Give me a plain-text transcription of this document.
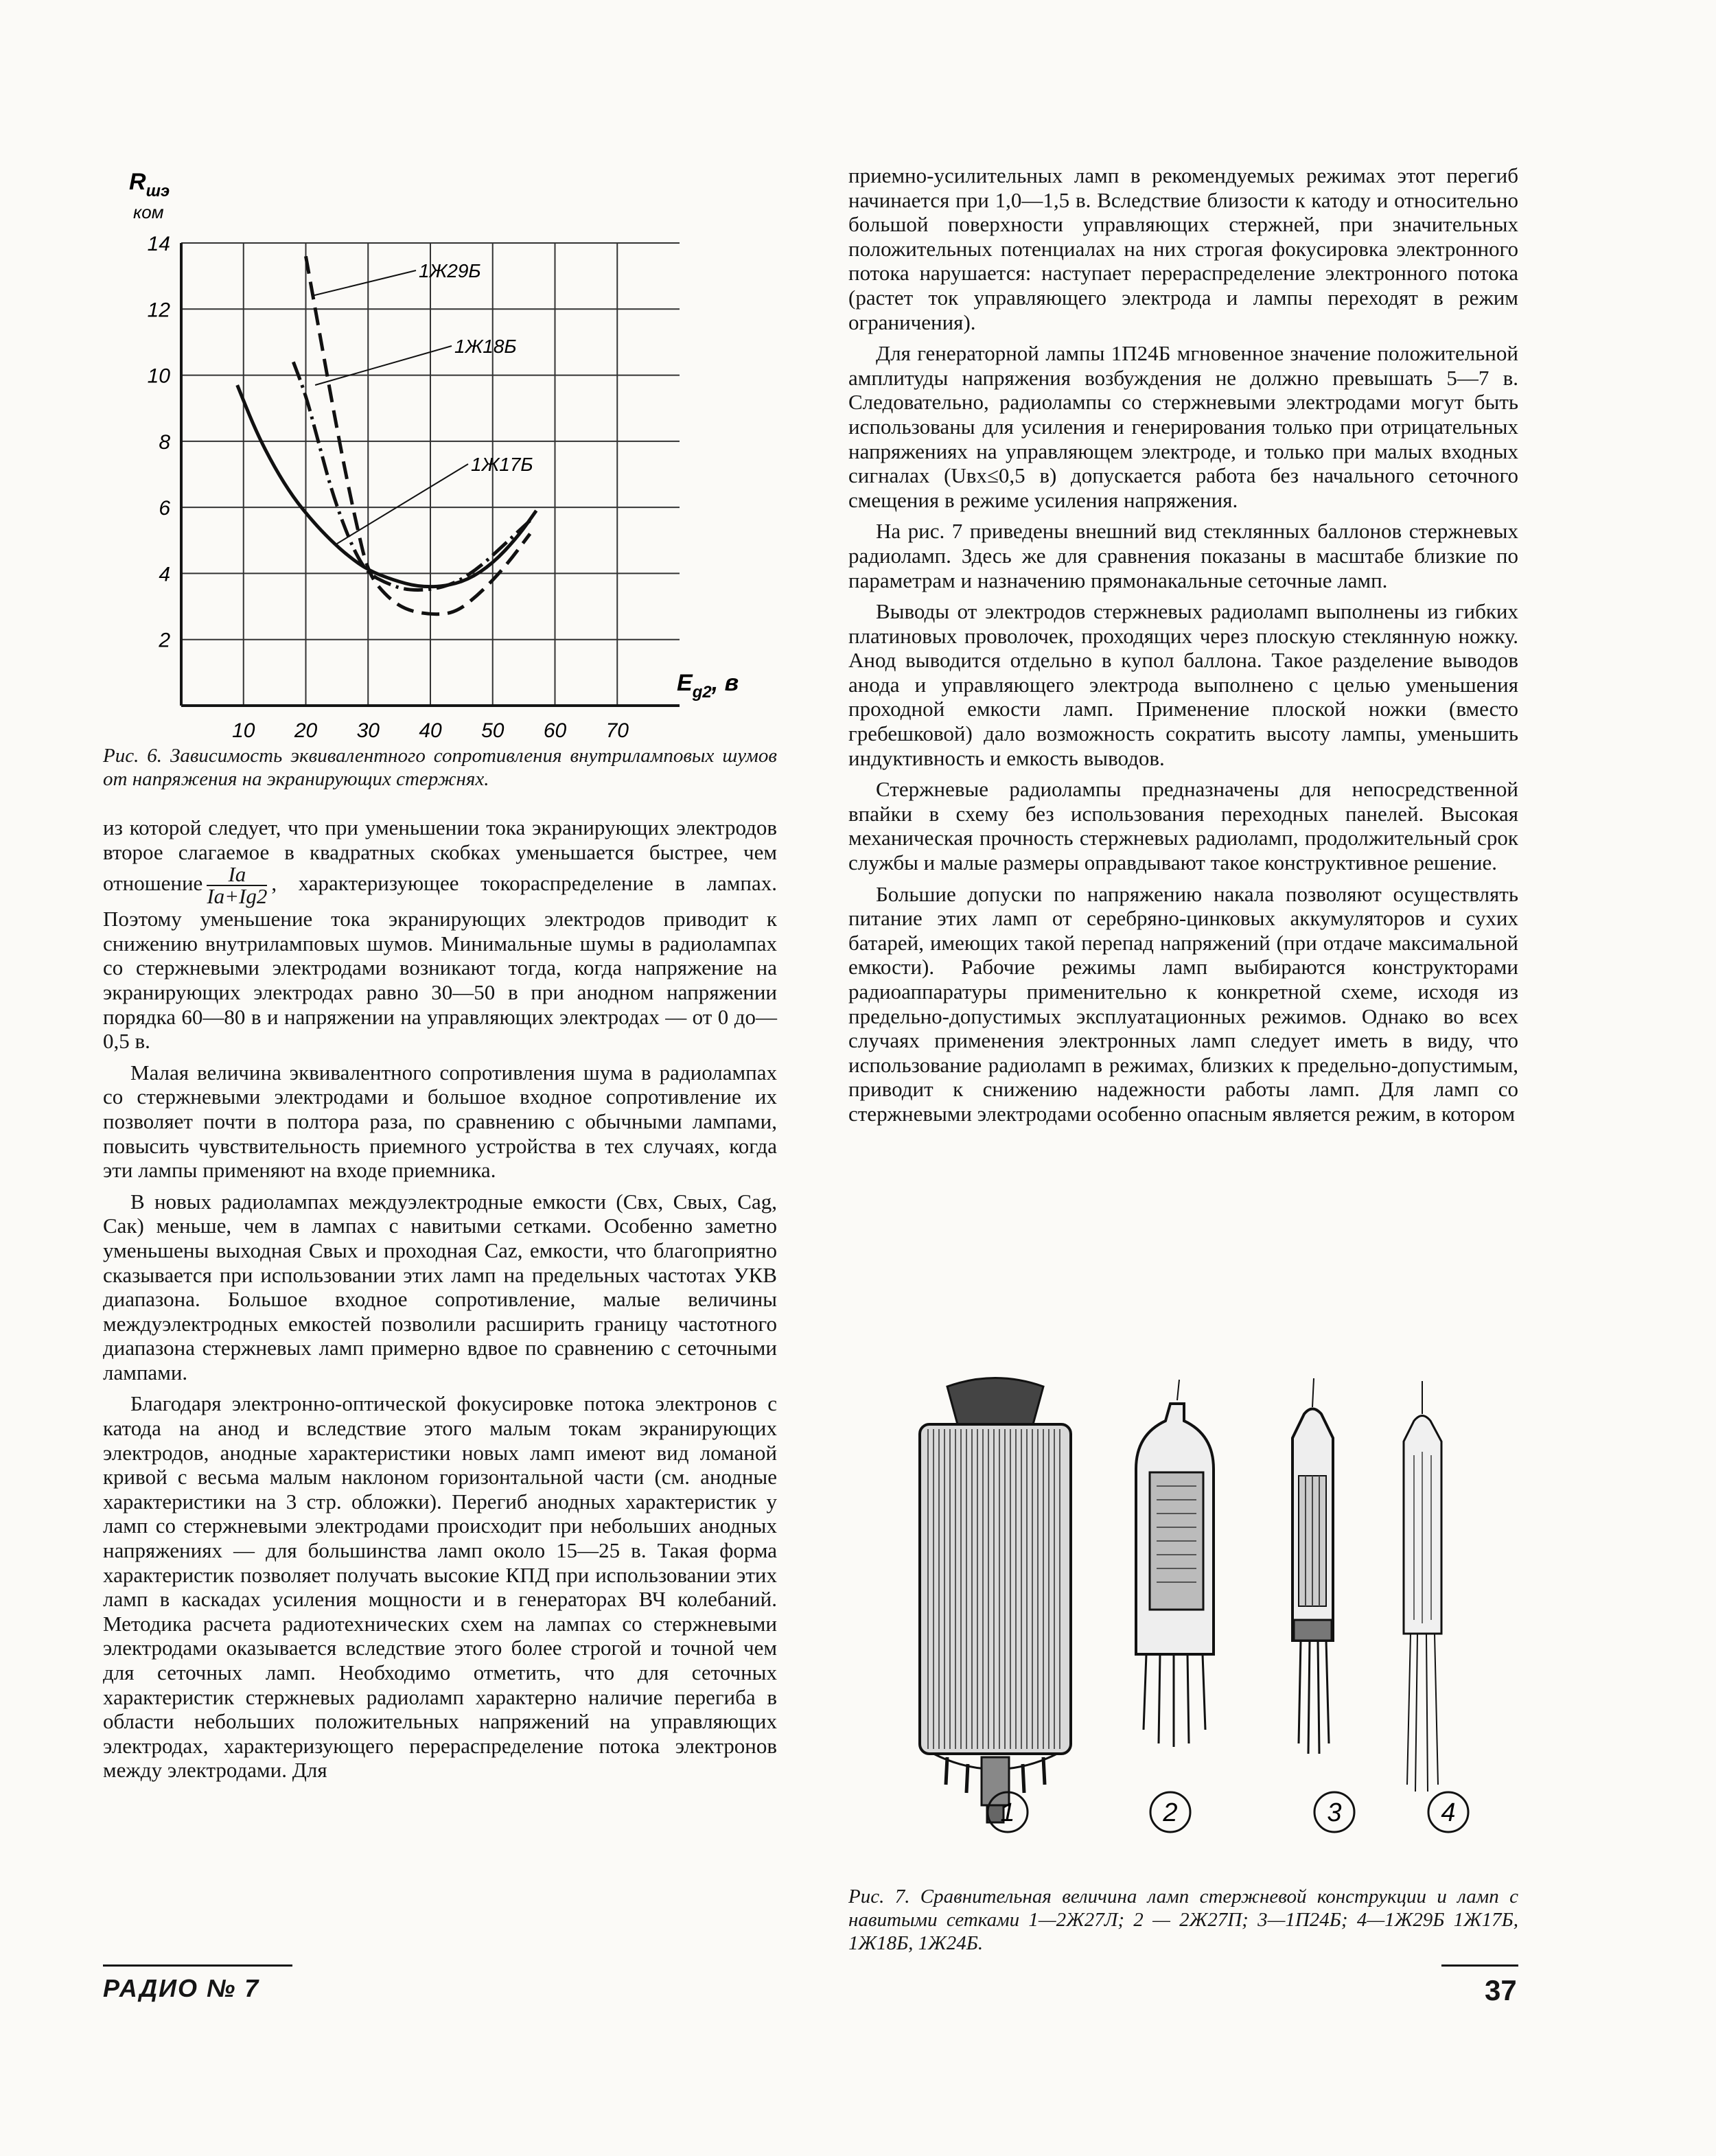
2
4
6
8
10
12
14
10 20 30 40 50 60 70
$R_{шэ}$
ком
$E_{g2}$, в
1Ж29Б
1Ж18Б
1Ж17Б
Рис. 6. Зависимость эквивалентного сопротивления внутриламповых шумов от напряжения на экранирующих стержнях.

из которой следует, что при уменьшении тока экранирующих электродов второе слагаемое в квадратных скобках уменьшается быстрее, чем отношение $\frac{Iа}{Iа+Ig2}$ , характеризующее токораспределение в лампах. Поэтому уменьшение тока экранирующих электродов приводит к снижению внутриламповых шумов. Минимальные шумы в радиолампах со стержневыми электродами возникают тогда, когда напряжение на экранирующих электродах равно 30—50 в при анодном напряжении порядка 60—80 в и напряжении на управляющих электродах — от 0 до—0,5 в.

Малая величина эквивалентного сопротивления шума в радиолампах со стержневыми электродами и большое входное сопротивление их позволяет почти в полтора раза, по сравнению с обычными лампами, повысить чувствительность приемного устройства в тех случаях, когда эти лампы применяют на входе приемника.

В новых радиолампах междуэлектродные емкости (Cвх, Cвых, Cаg, Cак) меньше, чем в лампах с навитыми сетками. Особенно заметно уменьшены выходная Cвых и проходная Caz, емкости, что благоприятно сказывается при использовании этих ламп на предельных частотах УКВ диапазона. Большое входное сопротивление, малые величины междуэлектродных емкостей позволили расширить границу частотного диапазона стержневых ламп примерно вдвое по сравнению с сеточными лампами.

Благодаря электронно-оптической фокусировке потока электронов с катода на анод и вследствие этого малым токам экранирующих электродов, анодные характеристики новых ламп имеют вид ломаной кривой с весьма малым наклоном горизонтальной части (см. анодные характеристики на 3 стр. обложки). Перегиб анодных характеристик у ламп со стержневыми электродами происходит при небольших анодных напряжениях — для большинства ламп около 15—25 в. Такая форма характеристик позволяет получать высокие КПД при использовании этих ламп в каскадах усиления мощности и в генераторах ВЧ колебаний. Методика расчета радиотехнических схем на лампах со стержневыми электродами оказывается вследствие этого более строгой и точной чем для сеточных ламп. Необходимо отметить, что для сеточных характеристик стержневых радиоламп характерно наличие перегиба в области небольших положительных напряжений на управляющих электродах, характеризующего перераспределение потока электронов между электродами. Для

приемно-усилительных ламп в рекомендуемых режимах этот перегиб начинается при 1,0—1,5 в. Вследствие близости к катоду и относительно большой поверхности управляющих стержней, при значительных положительных потенциалах на них строгая фокусировка электронного потока нарушается: наступает перераспределение электронного потока (растет ток управляющего электрода и лампы переходят в режим ограничения).

Для генераторной лампы 1П24Б мгновенное значение положительной амплитуды напряжения возбуждения не должно превышать 5—7 в. Следовательно, радиолампы со стержневыми электродами могут быть использованы для усиления и генерирования только при отрицательных напряжениях на управляющем электроде, и только при малых входных сигналах (Uвх≤0,5 в) допускается работа без начального сеточного смещения в режиме усиления напряжения.

На рис. 7 приведены внешний вид стеклянных баллонов стержневых радиоламп. Здесь же для сравнения показаны в масштабе близкие по параметрам и назначению прямонакальные сеточные ламп.

Выводы от электродов стержневых радиоламп выполнены из гибких платиновых проволочек, проходящих через плоскую стеклянную ножку. Анод выводится отдельно в купол баллона. Такое разделение выводов анода и управляющего электрода выполнено с целью уменьшения проходной емкости ламп. Применение плоской ножки (вместо гребешковой) дало возможность сократить высоту лампы, уменьшить индуктивность и емкость выводов.

Стержневые радиолампы предназначены для непосредственной впайки в схему без использования переходных панелей. Высокая механическая прочность стержневых радиоламп, продолжительный срок службы и малые размеры оправдывают такое конструктивное решение.

Большие допуски по напряжению накала позволяют осуществлять питание этих ламп от серебряно-цинковых аккумуляторов и сухих батарей, имеющих такой перепад напряжений (при отдаче максимальной емкости). Рабочие режимы ламп выбираются конструкторами радиоаппаратуры применительно к конкретной схеме, исходя из предельно-допустимых эксплуатационных режимов. Однако во всех случаях применения электронных ламп следует иметь в виду, что использование радиоламп в режимах, близких к предельно-допустимым, приводит к снижению надежности работы ламп. Для ламп со стержневыми электродами особенно опасным является режим, в котором

1	2	3	4
Рис. 7. Сравнительная величина ламп стержневой конструкции и ламп с навитыми сетками 1—2Ж27Л; 2 — 2Ж27П; 3—1П24Б; 4—1Ж29Б 1Ж17Б, 1Ж18Б, 1Ж24Б.
РАДИО № 7	37
